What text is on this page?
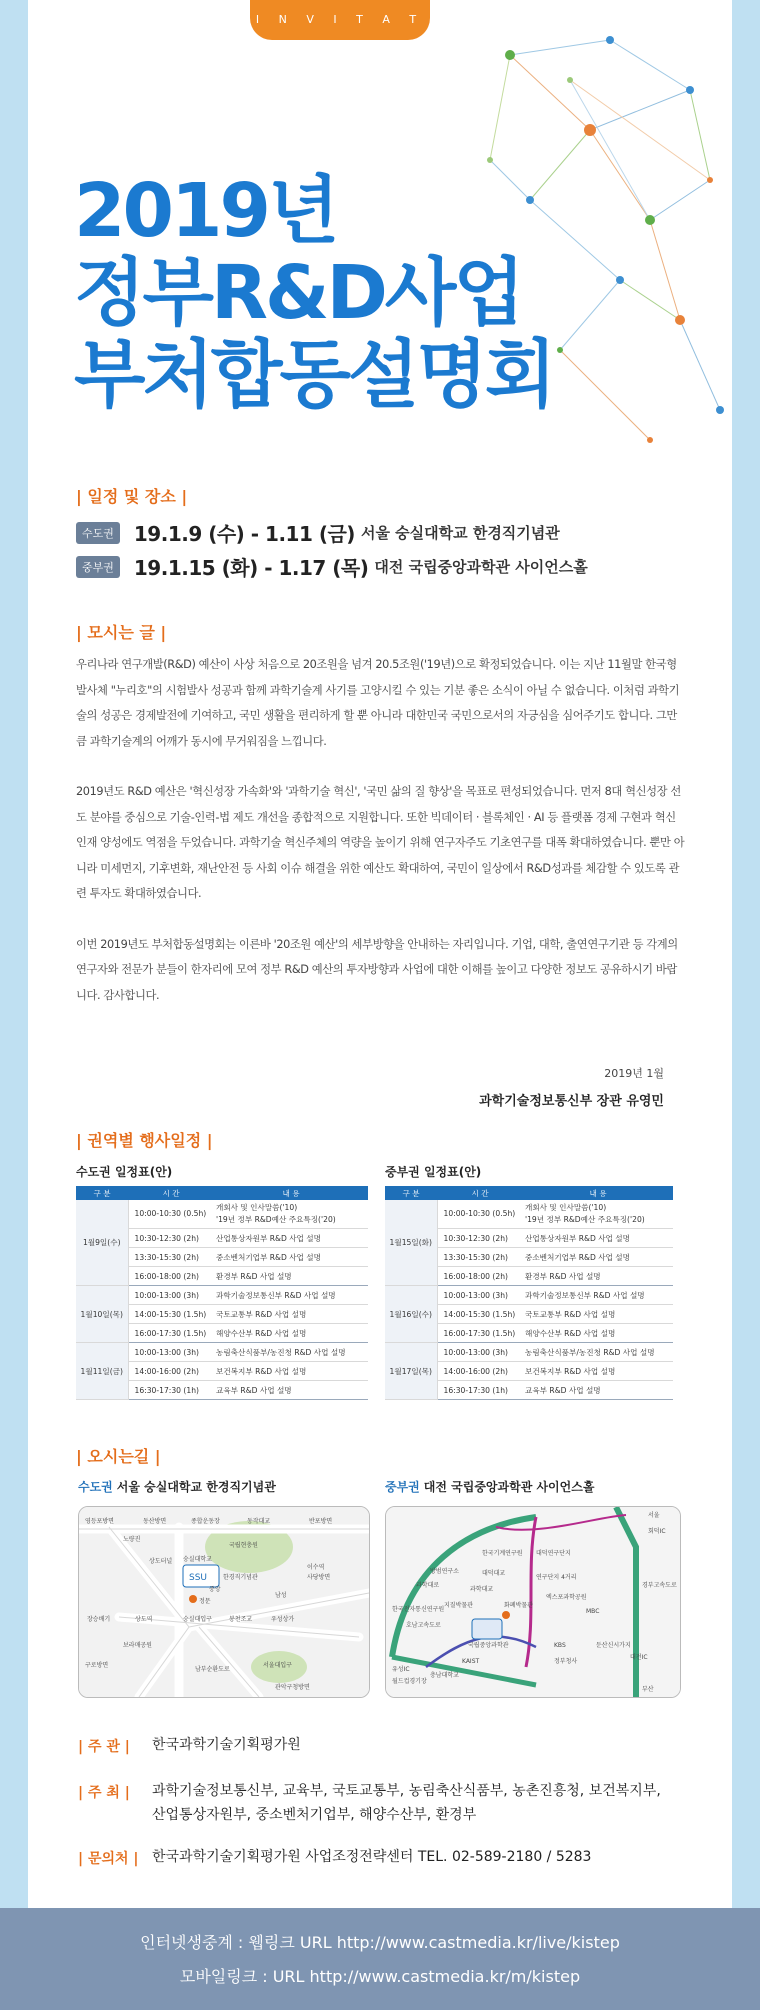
I N V I T A T I O N
2019년
정부R&D사업
부처합동설명회
| 일정 및 장소 |
수도권	19.1.9 (수) - 1.11 (금) 서울 숭실대학교 한경직기념관
중부권	19.1.15 (화) - 1.17 (목) 대전 국립중앙과학관 사이언스홀
| 모시는 글 |

우리나라 연구개발(R&D) 예산이 사상 처음으로 20조원을 넘겨 20.5조원('19년)으로 확정되었습니다. 이는 지난 11월말 한국형발사체 "누리호"의 시험발사 성공과 함께 과학기술계 사기를 고양시킬 수 있는 기분 좋은 소식이 아닐 수 없습니다. 이처럼 과학기술의 성공은 경제발전에 기여하고, 국민 생활을 편리하게 할 뿐 아니라 대한민국 국민으로서의 자긍심을 심어주기도 합니다. 그만큼 과학기술계의 어깨가 동시에 무거워짐을 느낍니다.

2019년도 R&D 예산은 '혁신성장 가속화'와 '과학기술 혁신', '국민 삶의 질 향상'을 목표로 편성되었습니다. 먼저 8대 혁신성장 선도 분야를 중심으로 기술-인력-법 제도 개선을 종합적으로 지원합니다. 또한 빅데이터 · 블록체인 · AI 등 플랫폼 경제 구현과 혁신인재 양성에도 역점을 두었습니다. 과학기술 혁신주체의 역량을 높이기 위해 연구자주도 기초연구를 대폭 확대하였습니다. 뿐만 아니라 미세먼지, 기후변화, 재난안전 등 사회 이슈 해결을 위한 예산도 확대하여, 국민이 일상에서 R&D성과를 체감할 수 있도록 관련 투자도 확대하였습니다.

이번 2019년도 부처합동설명회는 이른바 '20조원 예산'의 세부방향을 안내하는 자리입니다. 기업, 대학, 출연연구기관 등 각계의 연구자와 전문가 분들이 한자리에 모여 정부 R&D 예산의 투자방향과 사업에 대한 이해를 높이고 다양한 정보도 공유하시기 바랍니다. 감사합니다.

2019년 1월
과학기술정보통신부 장관 유영민
| 권역별 행사일정 |
수도권 일정표(안)
구 분	시 간	내 용
1월9일(수)	10:00-10:30 (0.5h)	개회사 및 인사말씀('10)
'19년 정부 R&D예산 주요특징('20)
	10:30-12:30 (2h)	산업통상자원부 R&D 사업 설명
	13:30-15:30 (2h)	중소벤처기업부 R&D 사업 설명
	16:00-18:00 (2h)	환경부 R&D 사업 설명
1월10일(목)	10:00-13:00 (3h)	과학기술정보통신부 R&D 사업 설명
	14:00-15:30 (1.5h)	국토교통부 R&D 사업 설명
	16:00-17:30 (1.5h)	해양수산부 R&D 사업 설명
1월11일(금)	10:00-13:00 (3h)	농림축산식품부/농진청 R&D 사업 설명
	14:00-16:00 (2h)	보건복지부 R&D 사업 설명
	16:30-17:30 (1h)	교육부 R&D 사업 설명
중부권 일정표(안)
구 분	시 간	내 용
1월15일(화)	10:00-10:30 (0.5h)	개회사 및 인사말씀('10)
'19년 정부 R&D예산 주요특징('20)
	10:30-12:30 (2h)	산업통상자원부 R&D 사업 설명
	13:30-15:30 (2h)	중소벤처기업부 R&D 사업 설명
	16:00-18:00 (2h)	환경부 R&D 사업 설명
1월16일(수)	10:00-13:00 (3h)	과학기술정보통신부 R&D 사업 설명
	14:00-15:30 (1.5h)	국토교통부 R&D 사업 설명
	16:00-17:30 (1.5h)	해양수산부 R&D 사업 설명
1월17일(목)	10:00-13:00 (3h)	농림축산식품부/농진청 R&D 사업 설명
	14:00-16:00 (2h)	보건복지부 R&D 사업 설명
	16:30-17:30 (1h)	교육부 R&D 사업 설명
| 오시는길 |
수도권 서울 숭실대학교 한경직기념관
SSU
영등포방면	동산방면	종합운동장	동작대교	반포방면
노량진
상도터널
국립현충원
숭실대학교
한경직기념관
중앙
정문
이수역
사당방면
남성
장승배기	상도역	숭실대입구	봉천조교	우성상가
보라매공원
구로방면
남부순환도로
서울대입구
관악구청방면
중부권 대전 국립중앙과학관 사이언스홀
서울
회덕IC
한국기계연구원
과학대로
대덕대교
대덕연구단지
방범연구소
과학대교
연구단지 4거리
엑스포과학공원
지질박물관
국립중앙과학관
화폐박물관
한국전자통신연구원
KAIST
충남대학교
MBC
KBS
정부청사
둔산신시가지
대전IC
유성IC
월드컵경기장
부산
경부고속도로
호남고속도로
| 주 관 | 한국과학기술기획평가원
| 주 최 | 과학기술정보통신부, 교육부, 국토교통부, 농림축산식품부, 농촌진흥청, 보건복지부,
산업통상자원부, 중소벤처기업부, 해양수산부, 환경부
| 문의처 | 한국과학기술기획평가원 사업조정전략센터 TEL. 02-589-2180 / 5283
인터넷생중계 : 웹링크 URL http://www.castmedia.kr/live/kistep
모바일링크 : URL http://www.castmedia.kr/m/kistep
